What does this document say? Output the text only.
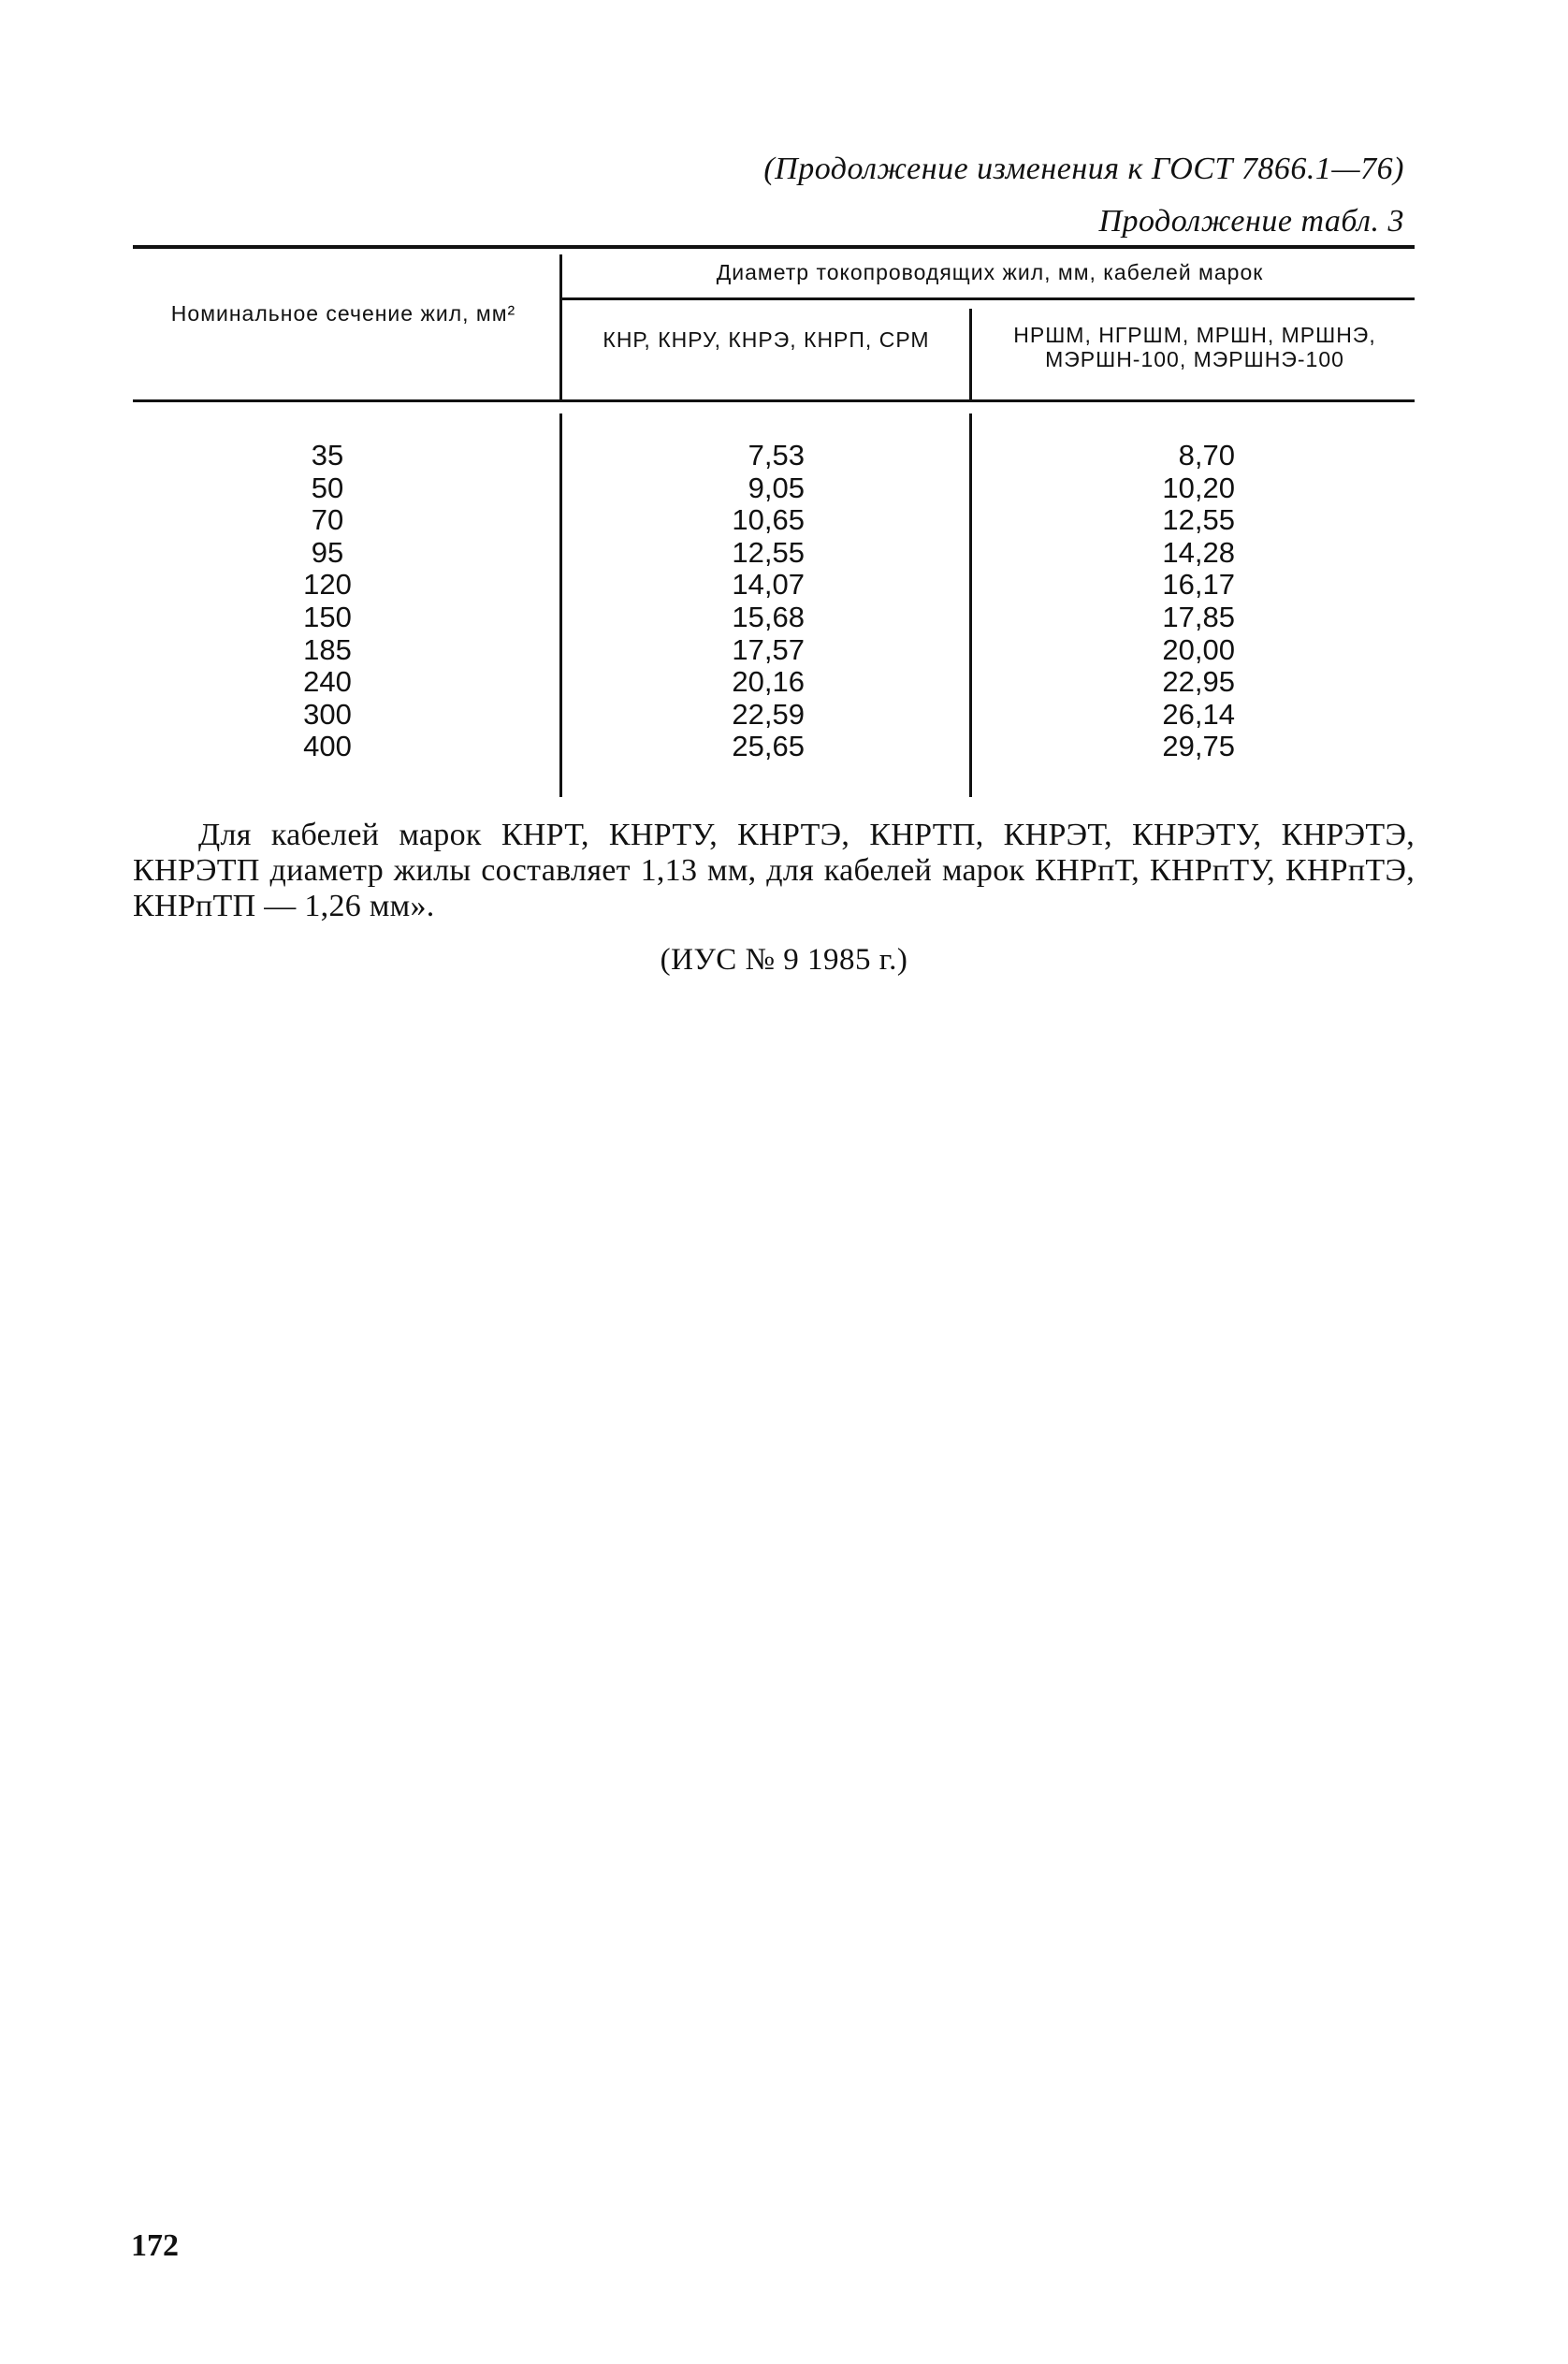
(Продолжение изменения к ГОСТ 7866.1—76)
Продолжение табл. 3
Номинальное сечение жил, мм²
Диаметр токопроводящих жил, мм, кабелей марок
КНР, КНРУ, КНРЭ, КНРП, СРМ	НРШМ, НГРШМ, МРШН, МРШНЭ, МЭРШН-100, МЭРШНЭ-100
35
50
70
95
120
150
185
240
300
400
7,53
9,05
10,65
12,55
14,07
15,68
17,57
20,16
22,59
25,65
8,70
10,20
12,55
14,28
16,17
17,85
20,00
22,95
26,14
29,75
Для кабелей марок КНРТ, КНРТУ, КНРТЭ, КНРТП, КНРЭТ, КНРЭТУ, КНРЭТЭ, КНРЭТП диаметр жилы составляет 1,13 мм, для кабелей марок КНРпТ, КНРпТУ, КНРпТЭ, КНРпТП — 1,26 мм».
(ИУС № 9 1985 г.)
172
